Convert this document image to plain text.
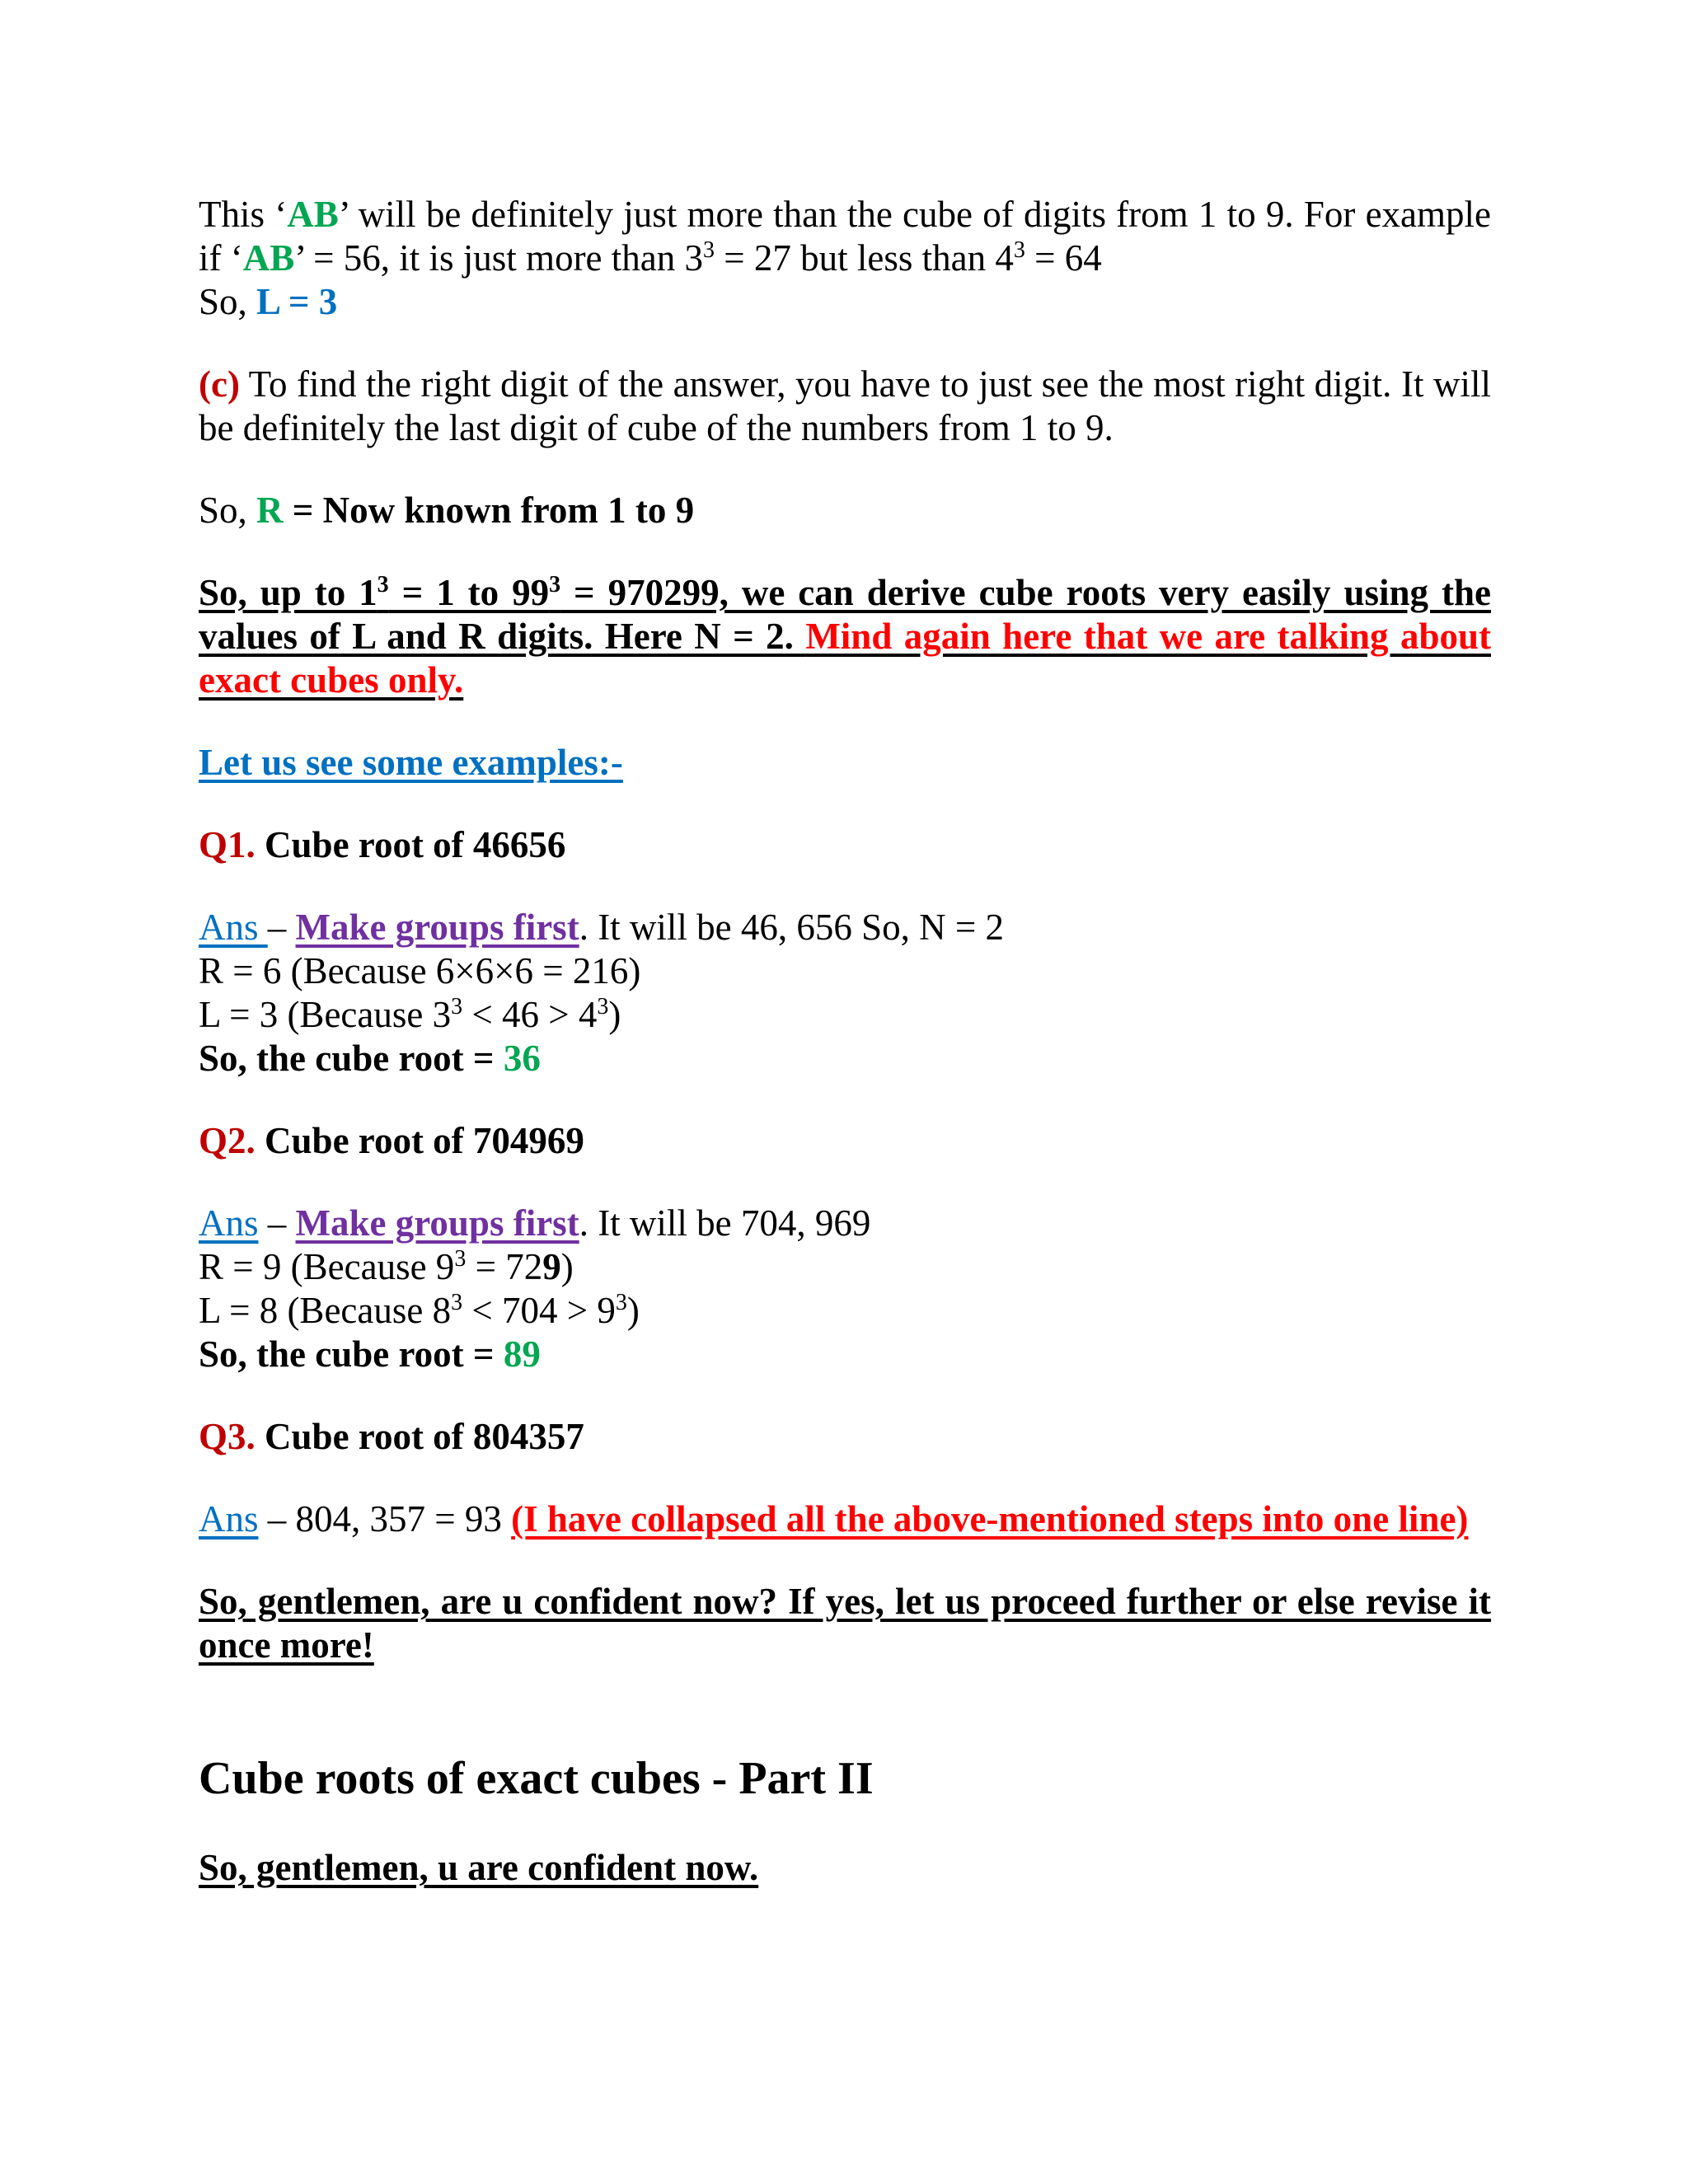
This ‘AB’ will be definitely just more than the cube of digits from 1 to 9. For example if ‘AB’ = 56, it is just more than $3^3 = 27$ but less than $4^3 = 64$
So, L = 3

(c) To find the right digit of the answer, you have to just see the most right digit. It will be definitely the last digit of cube of the numbers from 1 to 9.

So, R = Now known from 1 to 9

So, up to $1^3 = 1$ to $99^3 = 970299$, we can derive cube roots very easily using the values of L and R digits. Here N = 2. Mind again here that we are talking about exact cubes only.

Let us see some examples:-

Q1. Cube root of 46656

Ans – Make groups first. It will be 46, 656 So, N = 2

R = 6 (Because 6×6×6 = 216)

L = 3 (Because $3^3 < 46 > 4^3$)

So, the cube root = 36

Q2. Cube root of 704969

Ans – Make groups first. It will be 704, 969

R = 9 (Because $9^3 = 729$)

L = 8 (Because $8^3 < 704 > 9^3$)

So, the cube root = 89

Q3. Cube root of 804357

Ans – 804, 357 = 93 (I have collapsed all the above-mentioned steps into one line)

So, gentlemen, are u confident now? If yes, let us proceed further or else revise it once more!

Cube roots of exact cubes - Part II

So, gentlemen, u are confident now.
